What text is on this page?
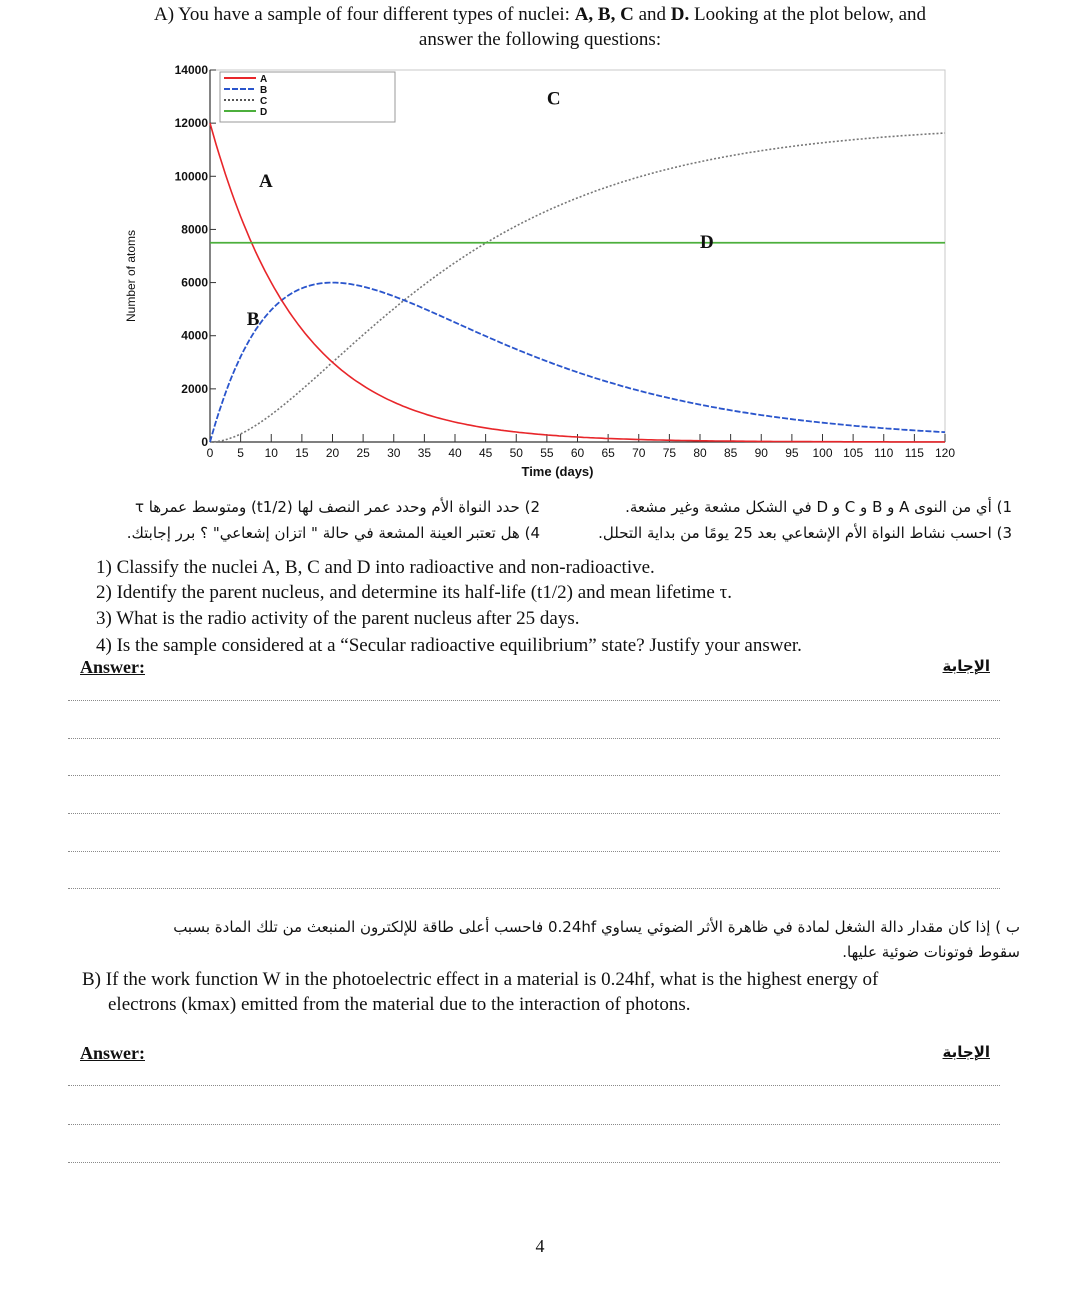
A) You have a sample of four different types of nuclei: A, B, C and D. Looking at the plot below, and
answer the following questions:
0 5 10 15 20 25 30 35 40 45 50 55 60 65 70 75 80 85 90 95 100 105 110 115 120
0
2000
4000
6000
8000
10000
12000
14000
Time (days)
Number of atoms
A
B
C
D
A
B
C
D
1) أي من النوى A و B و C و D في الشكل مشعة وغير مشعة.
2) حدد النواة الأم وحدد عمر النصف لها (t1/2) ومتوسط عمرها τ
3) احسب نشاط النواة الأم الإشعاعي بعد 25 يومًا من بداية التحلل.
4) هل تعتبر العينة المشعة في حالة " اتزان إشعاعي" ؟ برر إجابتك.
1) Classify the nuclei A, B, C and D into radioactive and non-radioactive.
2) Identify the parent nucleus, and determine its half-life (t1/2) and mean lifetime τ.
3) What is the radio activity of the parent nucleus after 25 days.
4) Is the sample considered at a “Secular radioactive equilibrium” state? Justify your answer.
Answer:	الإجابة
ب ) إذا كان مقدار دالة الشغل لمادة في ظاهرة الأثر الضوئي يساوي 0.24hf فاحسب أعلى طاقة للإلكترون المنبعث من تلك المادة بسبب
سقوط فوتونات ضوئية عليها.
B) If the work function W in the photoelectric effect in a material is 0.24hf, what is the highest energy of
electrons (kmax) emitted from the material due to the interaction of photons.
Answer:	الإجابة
4
